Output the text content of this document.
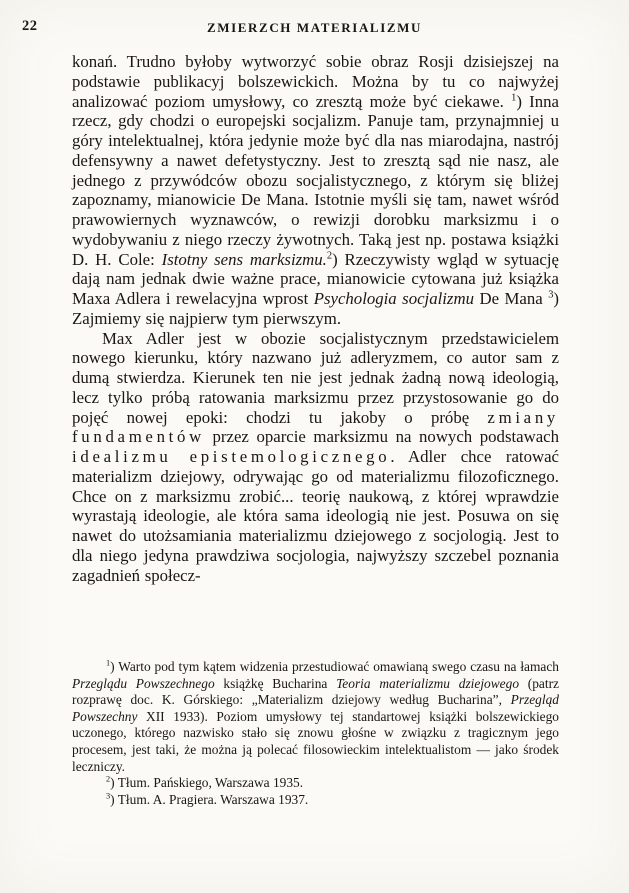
22	ZMIERZCH MATERIALIZMU

konań. Trudno byłoby wytworzyć sobie obraz Rosji dzisiejszej na podstawie publikacyj bolszewickich. Można by tu co najwyżej analizować poziom umysłowy, co zresztą może być ciekawe. $^1$) Inna rzecz, gdy chodzi o europejski socjalizm. Panuje tam, przynajmniej u góry intelektualnej, która jedynie może być dla nas miarodajna, nastrój defensywny a nawet defetystyczny. Jest to zresztą sąd nie nasz, ale jednego z przywódców obozu socjalistycznego, z którym się bliżej zapoznamy, mianowicie De Mana. Istotnie myśli się tam, nawet wśród prawowiernych wyznawców, o rewizji dorobku marksizmu i o wydobywaniu z niego rzeczy żywotnych. Taką jest np. postawa książki D. H. Cole: Istotny sens marksizmu.$^2$) Rzeczywisty wgląd w sytuację dają nam jednak dwie ważne prace, mianowicie cytowana już książka Maxa Adlera i rewelacyjna wprost Psychologia socjalizmu De Mana $^3$) Zajmiemy się najpierw tym pierwszym.

Max Adler jest w obozie socjalistycznym przedstawicielem nowego kierunku, który nazwano już adleryzmem, co autor sam z dumą stwierdza. Kierunek ten nie jest jednak żadną nową ideologią, lecz tylko próbą ratowania marksizmu przez przystosowanie go do pojęć nowej epoki: chodzi tu jakoby o próbę zmiany fundamentów przez oparcie marksizmu na nowych podstawach idealizmu epistemologicznego. Adler chce ratować materializm dziejowy, odrywając go od materializmu filozoficznego. Chce on z marksizmu zrobić... teorię naukową, z której wprawdzie wyrastają ideologie, ale która sama ideologią nie jest. Posuwa on się nawet do utożsamiania materializmu dziejowego z socjologią. Jest to dla niego jedyna prawdziwa socjologia, najwyższy szczebel poznania zagadnień społecz-

$^1$) Warto pod tym kątem widzenia przestudiować omawianą swego czasu na łamach Przeglądu Powszechnego książkę Bucharina Teoria materializmu dziejowego (patrz rozprawę doc. K. Górskiego: „Materializm dziejowy według Bucharina”, Przegląd Powszechny XII 1933). Poziom umysłowy tej standartowej książki bolszewickiego uczonego, którego nazwisko stało się znowu głośne w związku z tragicznym jego procesem, jest taki, że można ją polecać filosowieckim intelektualistom — jako środek leczniczy.

$^2$) Tłum. Pańskiego, Warszawa 1935.

$^3$) Tłum. A. Pragiera. Warszawa 1937.
